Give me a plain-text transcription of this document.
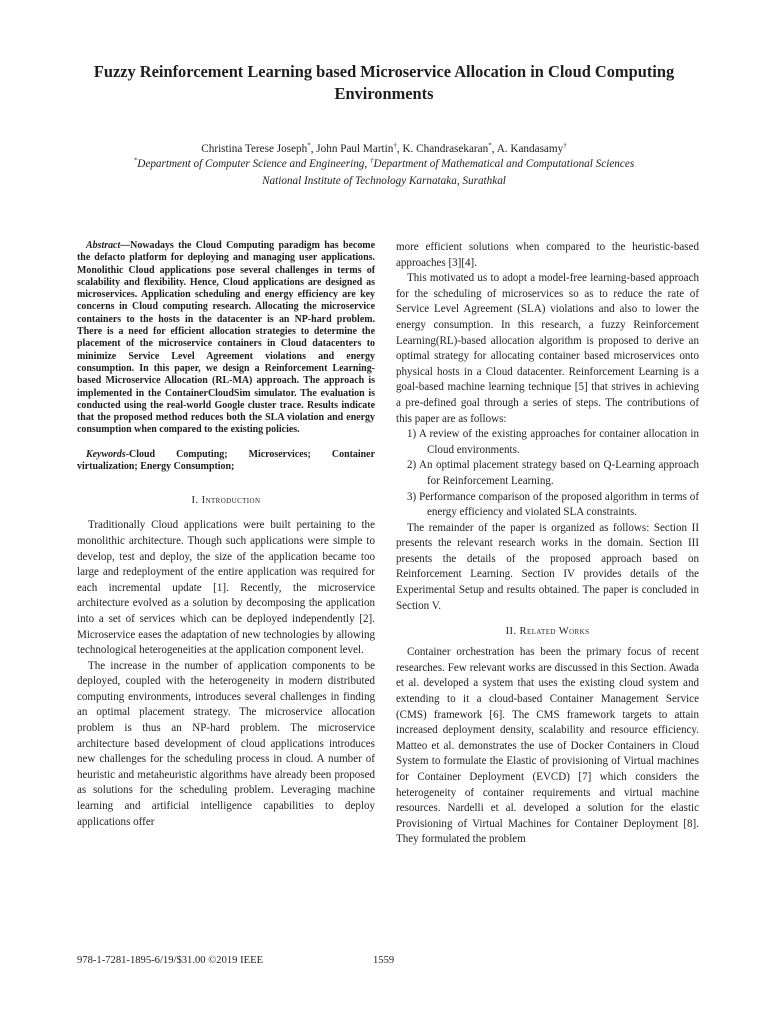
Fuzzy Reinforcement Learning based Microservice Allocation in Cloud Computing Environments
Christina Terese Joseph*, John Paul Martin†, K. Chandrasekaran*, A. Kandasamy†
*Department of Computer Science and Engineering, †Department of Mathematical and Computational Sciences
National Institute of Technology Karnataka, Surathkal

Abstract—Nowadays the Cloud Computing paradigm has become the defacto platform for deploying and managing user applications. Monolithic Cloud applications pose several challenges in terms of scalability and flexibility. Hence, Cloud applications are designed as microservices. Application scheduling and energy efficiency are key concerns in Cloud computing research. Allocating the microservice containers to the hosts in the datacenter is an NP-hard problem. There is a need for efficient allocation strategies to determine the placement of the microservice containers in Cloud datacenters to minimize Service Level Agreement violations and energy consumption. In this paper, we design a Reinforcement Learning-based Microservice Allocation (RL-MA) approach. The approach is implemented in the ContainerCloudSim simulator. The evaluation is conducted using the real-world Google cluster trace. Results indicate that the proposed method reduces both the SLA violation and energy consumption when compared to the existing policies.

Keywords-Cloud Computing; Microservices; Container virtualization; Energy Consumption;

I. Introduction

Traditionally Cloud applications were built pertaining to the monolithic architecture. Though such applications were simple to develop, test and deploy, the size of the application became too large and redeployment of the entire application was required for each incremental update [1]. Recently, the microservice architecture evolved as a solution by decomposing the application into a set of services which can be deployed independently [2]. Microservice eases the adaptation of new technologies by allowing technological heterogeneities at the application component level.

The increase in the number of application components to be deployed, coupled with the heterogeneity in modern distributed computing environments, introduces several challenges in finding an optimal placement strategy. The microservice allocation problem is thus an NP-hard problem. The microservice architecture based development of cloud applications introduces new challenges for the scheduling process in cloud. A number of heuristic and metaheuristic algorithms have already been proposed as solutions for the scheduling problem. Leveraging machine learning and artificial intelligence capabilities to deploy applications offer

more efficient solutions when compared to the heuristic-based approaches [3][4].

This motivated us to adopt a model-free learning-based approach for the scheduling of microservices so as to reduce the rate of Service Level Agreement (SLA) violations and also to lower the energy consumption. In this research, a fuzzy Reinforcement Learning(RL)-based allocation algorithm is proposed to derive an optimal strategy for allocating container based microservices onto physical hosts in a Cloud datacenter. Reinforcement Learning is a goal-based machine learning technique [5] that strives in achieving a pre-defined goal through a series of steps. The contributions of this paper are as follows:

1) A review of the existing approaches for container allocation in Cloud environments.
2) An optimal placement strategy based on Q-Learning approach for Reinforcement Learning.
3) Performance comparison of the proposed algorithm in terms of energy efficiency and violated SLA constraints.

The remainder of the paper is organized as follows: Section II presents the relevant research works in the domain. Section III presents the details of the proposed approach based on Reinforcement Learning. Section IV provides details of the Experimental Setup and results obtained. The paper is concluded in Section V.

II. Related Works

Container orchestration has been the primary focus of recent researches. Few relevant works are discussed in this Section. Awada et al. developed a system that uses the existing cloud system and extending to it a cloud-based Container Management Service (CMS) framework [6]. The CMS framework targets to attain increased deployment density, scalability and resource efficiency. Matteo et al. demonstrates the use of Docker Containers in Cloud System to formulate the Elastic of provisioning of Virtual machines for Container Deployment (EVCD) [7] which considers the heterogeneity of container requirements and virtual machine resources. Nardelli et al. developed a solution for the elastic Provisioning of Virtual Machines for Container Deployment [8]. They formulated the problem

978-1-7281-1895-6/19/$31.00 ©2019 IEEE	1559
